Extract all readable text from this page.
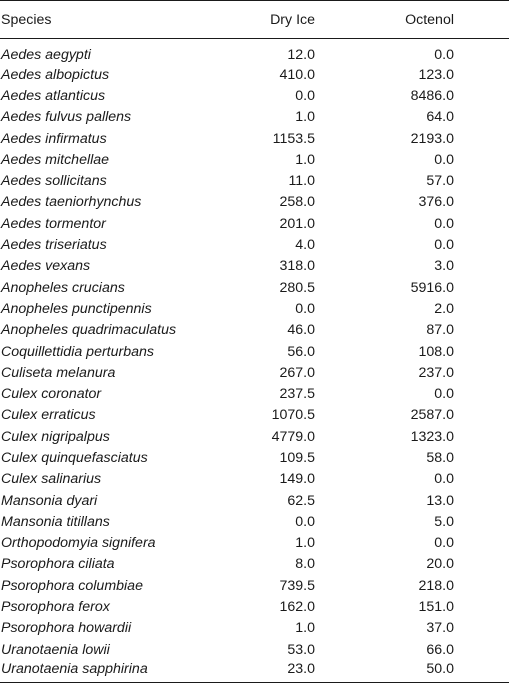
Species	Dry Ice	Octenol
Aedes aegypti	12.0	0.0
Aedes albopictus	410.0	123.0
Aedes atlanticus	0.0	8486.0
Aedes fulvus pallens	1.0	64.0
Aedes infirmatus	1153.5	2193.0
Aedes mitchellae	1.0	0.0
Aedes sollicitans	11.0	57.0
Aedes taeniorhynchus	258.0	376.0
Aedes tormentor	201.0	0.0
Aedes triseriatus	4.0	0.0
Aedes vexans	318.0	3.0
Anopheles crucians	280.5	5916.0
Anopheles punctipennis	0.0	2.0
Anopheles quadrimaculatus	46.0	87.0
Coquillettidia perturbans	56.0	108.0
Culiseta melanura	267.0	237.0
Culex coronator	237.5	0.0
Culex erraticus	1070.5	2587.0
Culex nigripalpus	4779.0	1323.0
Culex quinquefasciatus	109.5	58.0
Culex salinarius	149.0	0.0
Mansonia dyari	62.5	13.0
Mansonia titillans	0.0	5.0
Orthopodomyia signifera	1.0	0.0
Psorophora ciliata	8.0	20.0
Psorophora columbiae	739.5	218.0
Psorophora ferox	162.0	151.0
Psorophora howardii	1.0	37.0
Uranotaenia lowii	53.0	66.0
Uranotaenia sapphirina	23.0	50.0
